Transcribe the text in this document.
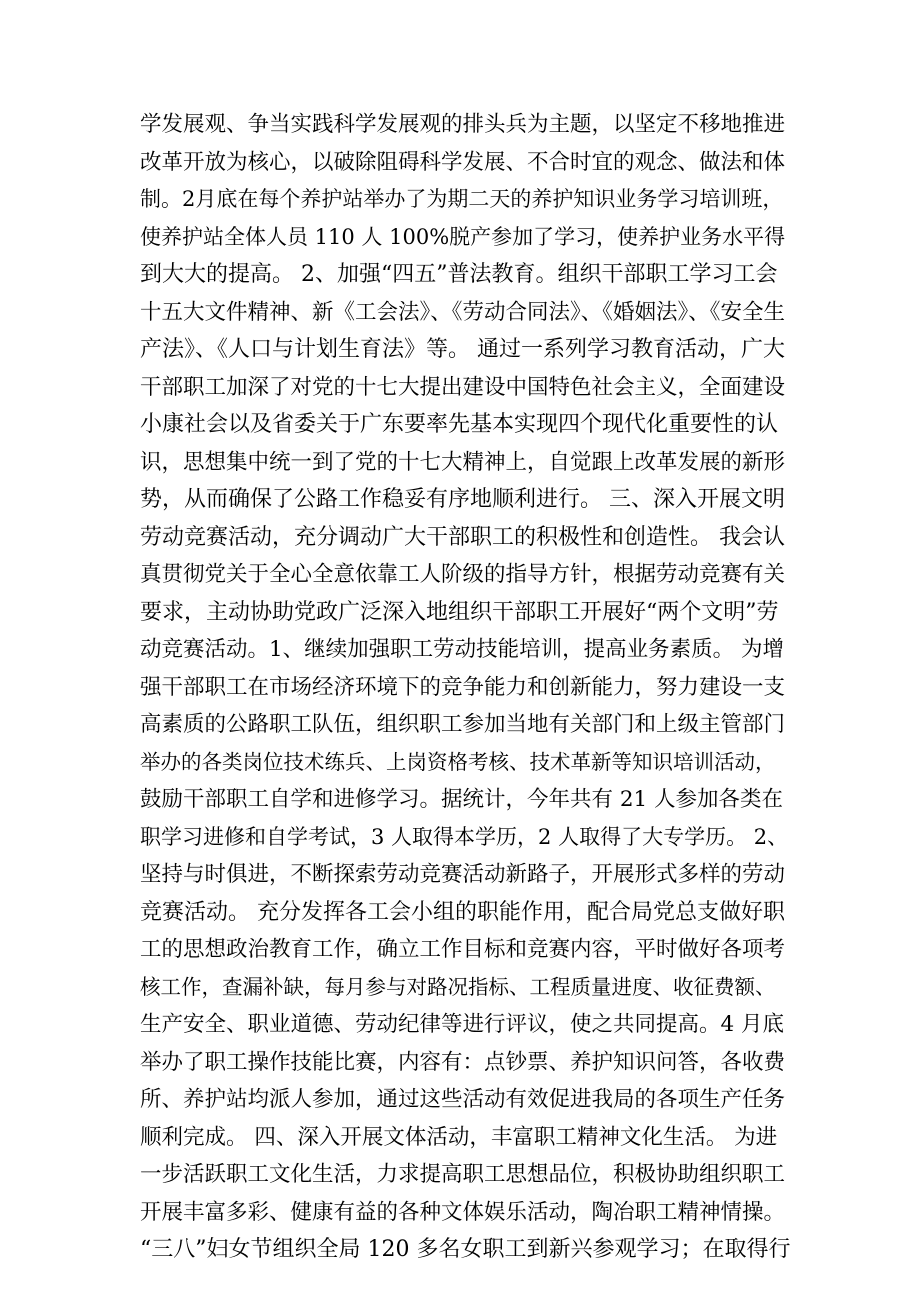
学发展观、争当实践科学发展观的排头兵为主题，以坚定不移地推进
改革开放为核心，以破除阻碍科学发展、不合时宜的观念、做法和体
制。2月底在每个养护站举办了为期二天的养护知识业务学习培训班，
使养护站全体人员 110 人 100%脱产参加了学习，使养护业务水平得
到大大的提高。 2、加强“四五”普法教育。组织干部职工学习工会
十五大文件精神、新《工会法》、《劳动合同法》、《婚姻法》、《安全生
产法》、《人口与计划生育法》等。 通过一系列学习教育活动，广大
干部职工加深了对党的十七大提出建设中国特色社会主义，全面建设
小康社会以及省委关于广东要率先基本实现四个现代化重要性的认
识，思想集中统一到了党的十七大精神上，自觉跟上改革发展的新形
势，从而确保了公路工作稳妥有序地顺利进行。 三、深入开展文明
劳动竞赛活动，充分调动广大干部职工的积极性和创造性。 我会认
真贯彻党关于全心全意依靠工人阶级的指导方针，根据劳动竞赛有关
要求，主动协助党政广泛深入地组织干部职工开展好“两个文明”劳
动竞赛活动。1、继续加强职工劳动技能培训，提高业务素质。 为增
强干部职工在市场经济环境下的竞争能力和创新能力，努力建设一支
高素质的公路职工队伍，组织职工参加当地有关部门和上级主管部门
举办的各类岗位技术练兵、上岗资格考核、技术革新等知识培训活动，
鼓励干部职工自学和进修学习。据统计，今年共有 21 人参加各类在
职学习进修和自学考试，3 人取得本学历，2 人取得了大专学历。 2、
坚持与时俱进，不断探索劳动竞赛活动新路子，开展形式多样的劳动
竞赛活动。 充分发挥各工会小组的职能作用，配合局党总支做好职
工的思想政治教育工作，确立工作目标和竞赛内容，平时做好各项考
核工作，查漏补缺，每月参与对路况指标、工程质量进度、收征费额、
生产安全、职业道德、劳动纪律等进行评议，使之共同提高。4 月底
举办了职工操作技能比赛，内容有：点钞票、养护知识问答，各收费
所、养护站均派人参加，通过这些活动有效促进我局的各项生产任务
顺利完成。 四、深入开展文体活动，丰富职工精神文化生活。 为进
一步活跃职工文化生活，力求提高职工思想品位，积极协助组织职工
开展丰富多彩、健康有益的各种文体娱乐活动，陶冶职工精神情操。
“三八”妇女节组织全局 120 多名女职工到新兴参观学习；在取得行
